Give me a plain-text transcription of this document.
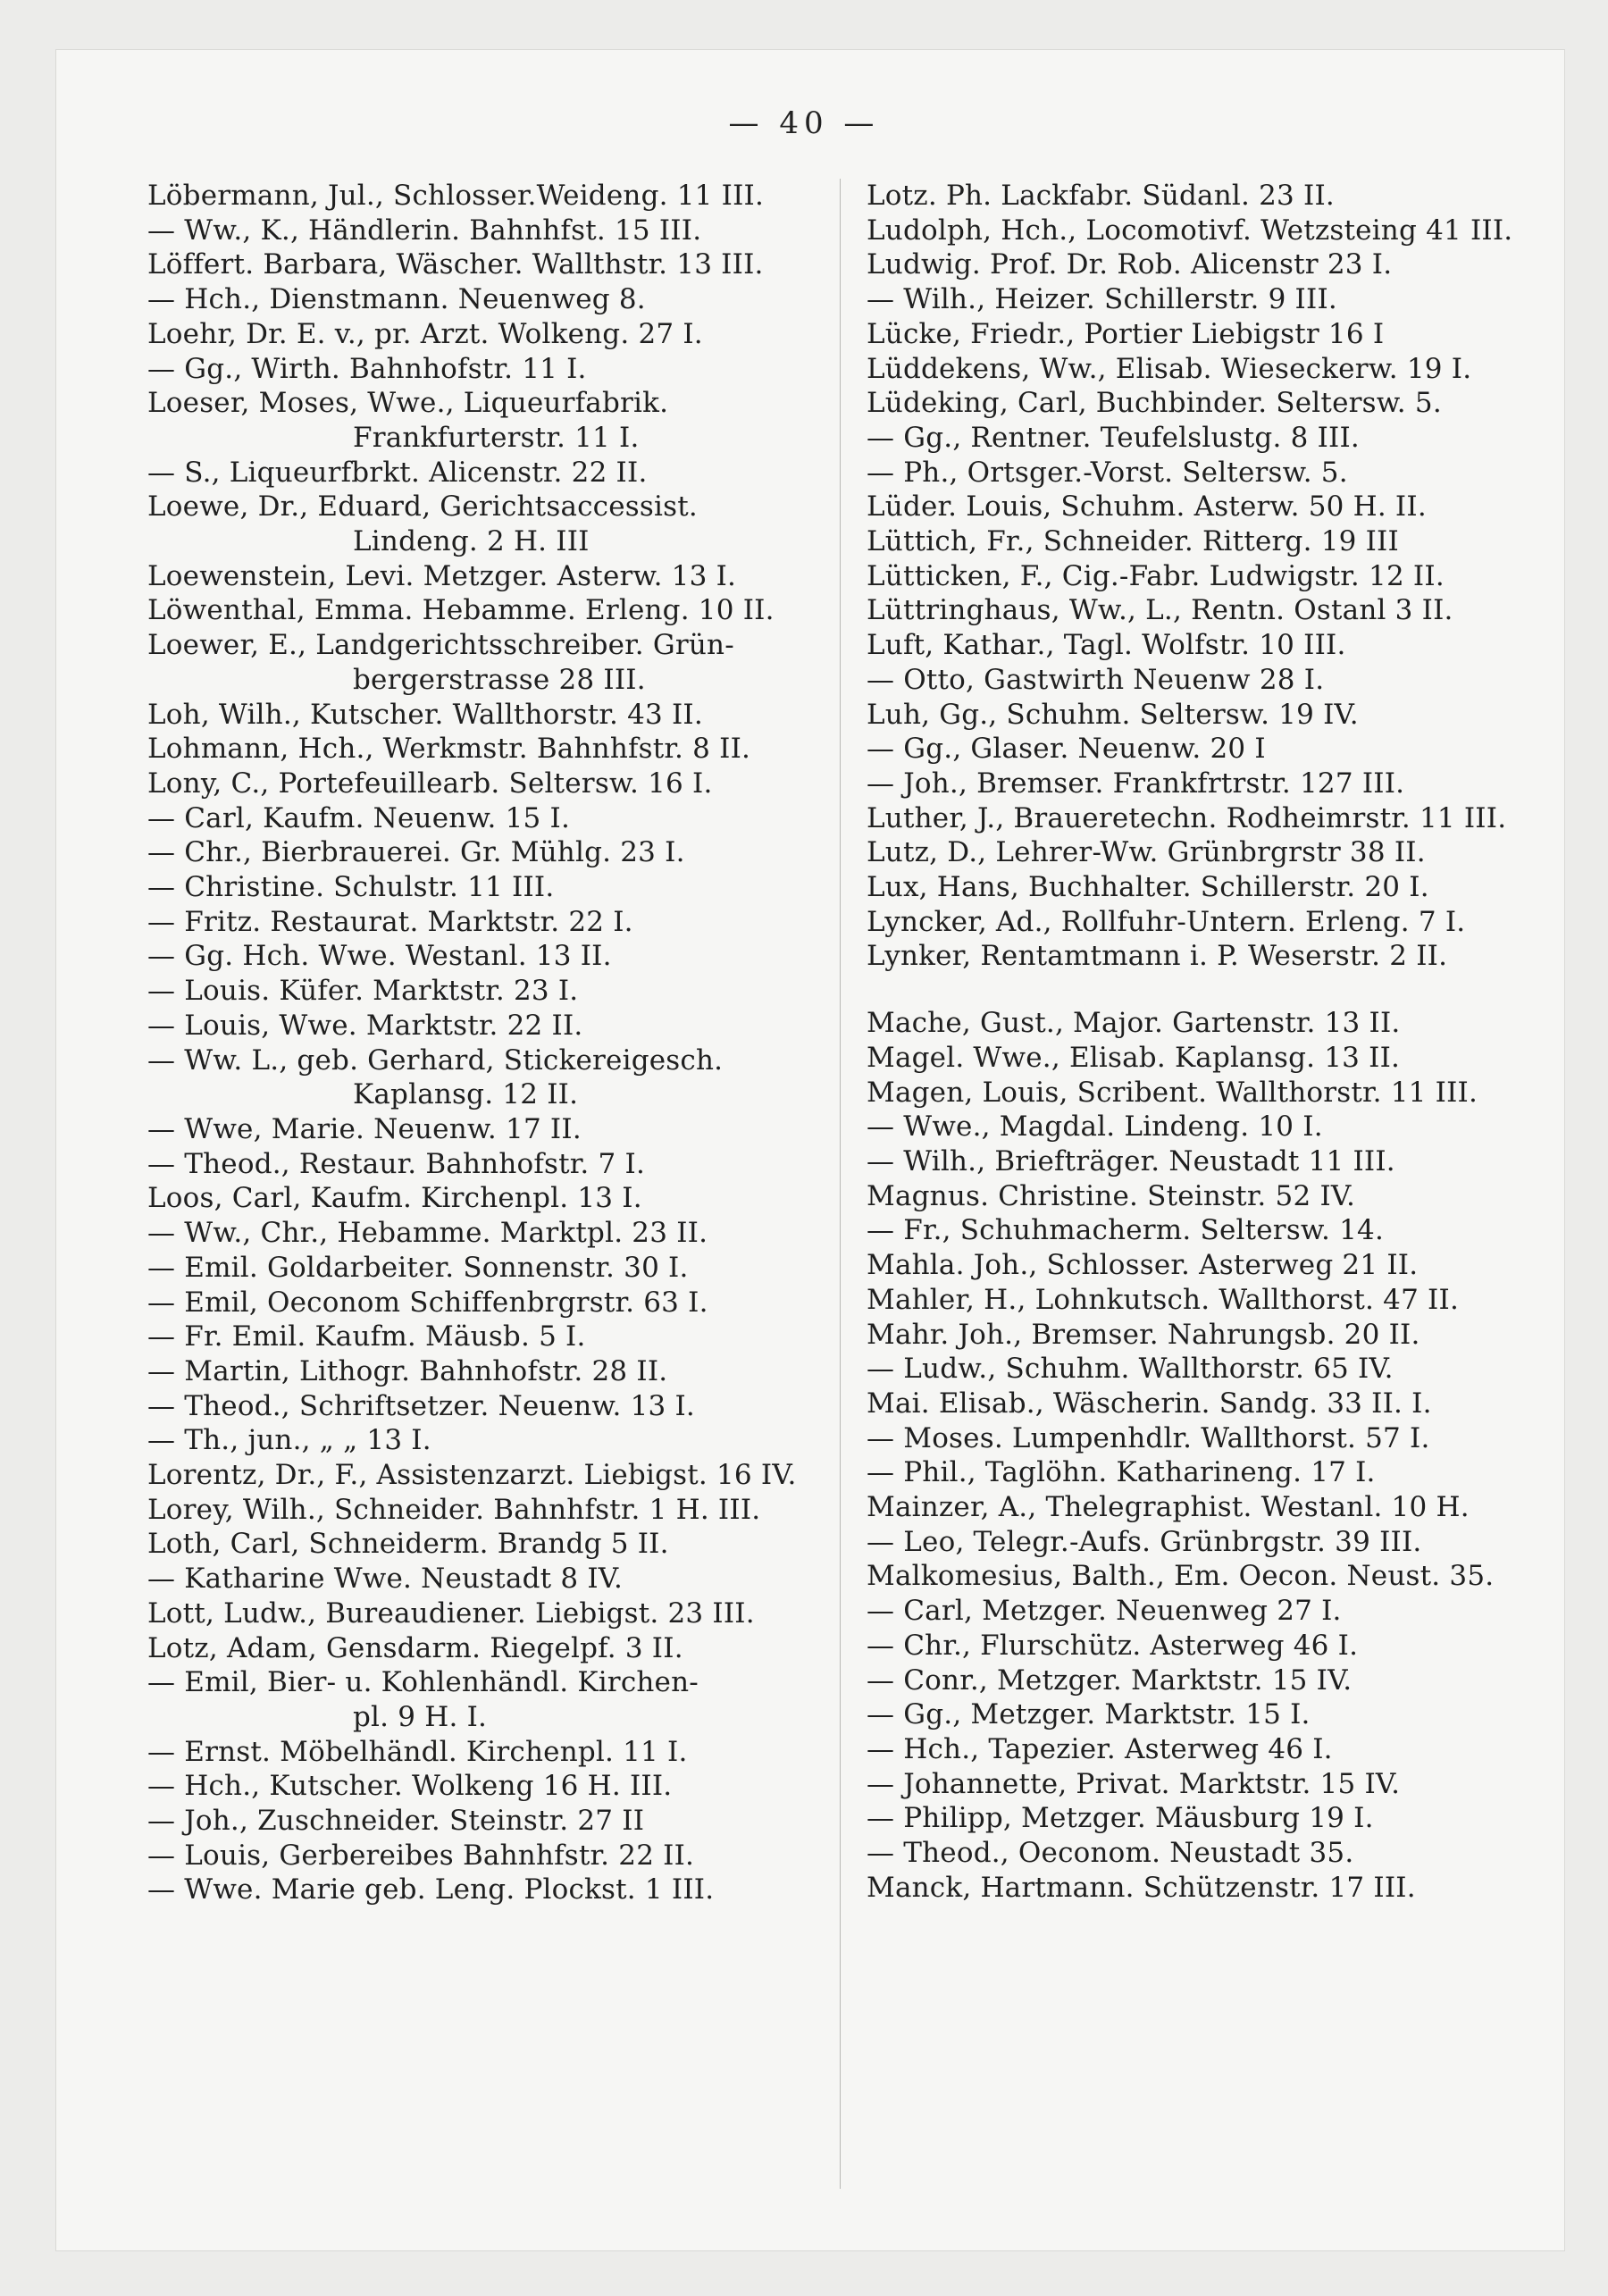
— 40 —
Löbermann, Jul., Schlosser.Weideng. 11 III.
— Ww., K., Händlerin. Bahnhfst. 15 III.
Löffert. Barbara, Wäscher. Wallthstr. 13 III.
— Hch., Dienstmann. Neuenweg 8.
Loehr, Dr. E. v., pr. Arzt. Wolkeng. 27 I.
— Gg., Wirth. Bahnhofstr. 11 I.
Loeser, Moses, Wwe., Liqueurfabrik.
Frankfurterstr. 11 I.
— S., Liqueurfbrkt. Alicenstr. 22 II.
Loewe, Dr., Eduard, Gerichtsaccessist.
Lindeng. 2 H. III
Loewenstein, Levi. Metzger. Asterw. 13 I.
Löwenthal, Emma. Hebamme. Erleng. 10 II.
Loewer, E., Landgerichtsschreiber. Grün-
bergerstrasse 28 III.
Loh, Wilh., Kutscher. Wallthorstr. 43 II.
Lohmann, Hch., Werkmstr. Bahnhfstr. 8 II.
Lony, C., Portefeuillearb. Seltersw. 16 I.
— Carl, Kaufm. Neuenw. 15 I.
— Chr., Bierbrauerei. Gr. Mühlg. 23 I.
— Christine. Schulstr. 11 III.
— Fritz. Restaurat. Marktstr. 22 I.
— Gg. Hch. Wwe. Westanl. 13 II.
— Louis. Küfer. Marktstr. 23 I.
— Louis, Wwe. Marktstr. 22 II.
— Ww. L., geb. Gerhard, Stickereigesch.
Kaplansg. 12 II.
— Wwe, Marie. Neuenw. 17 II.
— Theod., Restaur. Bahnhofstr. 7 I.
Loos, Carl, Kaufm. Kirchenpl. 13 I.
— Ww., Chr., Hebamme. Marktpl. 23 II.
— Emil. Goldarbeiter. Sonnenstr. 30 I.
— Emil, Oeconom Schiffenbrgrstr. 63 I.
— Fr. Emil. Kaufm. Mäusb. 5 I.
— Martin, Lithogr. Bahnhofstr. 28 II.
— Theod., Schriftsetzer. Neuenw. 13 I.
— Th., jun., „ „ 13 I.
Lorentz, Dr., F., Assistenzarzt. Liebigst. 16 IV.
Lorey, Wilh., Schneider. Bahnhfstr. 1 H. III.
Loth, Carl, Schneiderm. Brandg 5 II.
— Katharine Wwe. Neustadt 8 IV.
Lott, Ludw., Bureaudiener. Liebigst. 23 III.
Lotz, Adam, Gensdarm. Riegelpf. 3 II.
— Emil, Bier- u. Kohlenhändl. Kirchen-
pl. 9 H. I.
— Ernst. Möbelhändl. Kirchenpl. 11 I.
— Hch., Kutscher. Wolkeng 16 H. III.
— Joh., Zuschneider. Steinstr. 27 II
— Louis, Gerbereibes Bahnhfstr. 22 II.
— Wwe. Marie geb. Leng. Plockst. 1 III.
Lotz. Ph. Lackfabr. Südanl. 23 II.
Ludolph, Hch., Locomotivf. Wetzsteing 41 III.
Ludwig. Prof. Dr. Rob. Alicenstr 23 I.
— Wilh., Heizer. Schillerstr. 9 III.
Lücke, Friedr., Portier Liebigstr 16 I
Lüddekens, Ww., Elisab. Wieseckerw. 19 I.
Lüdeking, Carl, Buchbinder. Seltersw. 5.
— Gg., Rentner. Teufelslustg. 8 III.
— Ph., Ortsger.-Vorst. Seltersw. 5.
Lüder. Louis, Schuhm. Asterw. 50 H. II.
Lüttich, Fr., Schneider. Ritterg. 19 III
Lütticken, F., Cig.-Fabr. Ludwigstr. 12 II.
Lüttringhaus, Ww., L., Rentn. Ostanl 3 II.
Luft, Kathar., Tagl. Wolfstr. 10 III.
— Otto, Gastwirth Neuenw 28 I.
Luh, Gg., Schuhm. Seltersw. 19 IV.
— Gg., Glaser. Neuenw. 20 I
— Joh., Bremser. Frankfrtrstr. 127 III.
Luther, J., Braueretechn. Rodheimrstr. 11 III.
Lutz, D., Lehrer-Ww. Grünbrgrstr 38 II.
Lux, Hans, Buchhalter. Schillerstr. 20 I.
Lyncker, Ad., Rollfuhr-Untern. Erleng. 7 I.
Lynker, Rentamtmann i. P. Weserstr. 2 II.
Mache, Gust., Major. Gartenstr. 13 II.
Magel. Wwe., Elisab. Kaplansg. 13 II.
Magen, Louis, Scribent. Wallthorstr. 11 III.
— Wwe., Magdal. Lindeng. 10 I.
— Wilh., Briefträger. Neustadt 11 III.
Magnus. Christine. Steinstr. 52 IV.
— Fr., Schuhmacherm. Seltersw. 14.
Mahla. Joh., Schlosser. Asterweg 21 II.
Mahler, H., Lohnkutsch. Wallthorst. 47 II.
Mahr. Joh., Bremser. Nahrungsb. 20 II.
— Ludw., Schuhm. Wallthorstr. 65 IV.
Mai. Elisab., Wäscherin. Sandg. 33 II. I.
— Moses. Lumpenhdlr. Wallthorst. 57 I.
— Phil., Taglöhn. Katharineng. 17 I.
Mainzer, A., Thelegraphist. Westanl. 10 H.
— Leo, Telegr.-Aufs. Grünbrgstr. 39 III.
Malkomesius, Balth., Em. Oecon. Neust. 35.
— Carl, Metzger. Neuenweg 27 I.
— Chr., Flurschütz. Asterweg 46 I.
— Conr., Metzger. Marktstr. 15 IV.
— Gg., Metzger. Marktstr. 15 I.
— Hch., Tapezier. Asterweg 46 I.
— Johannette, Privat. Marktstr. 15 IV.
— Philipp, Metzger. Mäusburg 19 I.
— Theod., Oeconom. Neustadt 35.
Manck, Hartmann. Schützenstr. 17 III.
